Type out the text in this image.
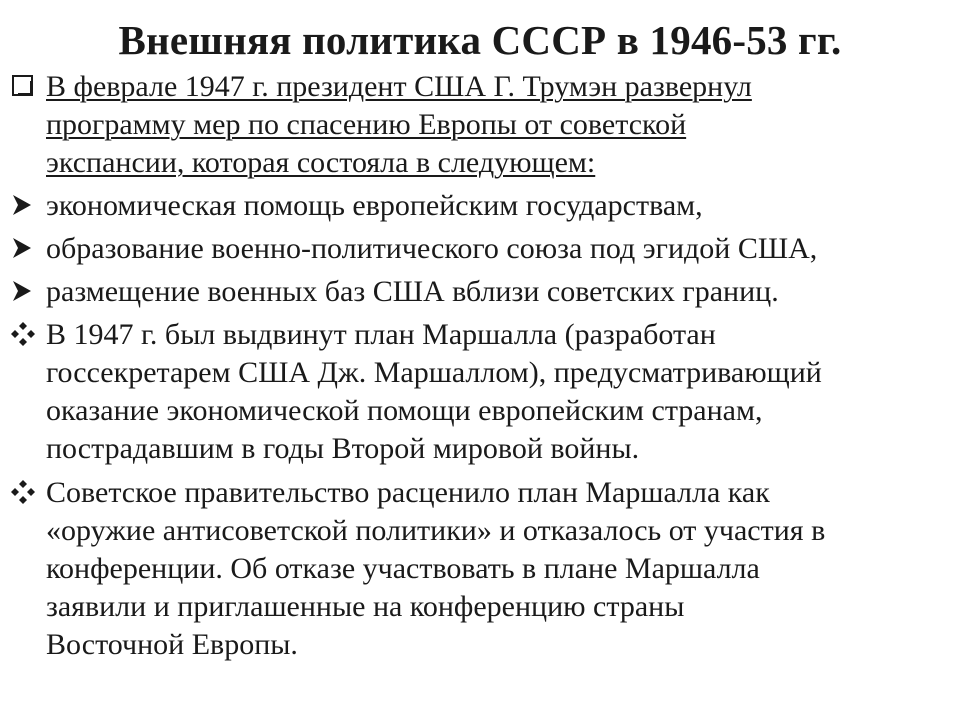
Внешняя политика СССР в 1946-53 гг.
В феврале 1947 г. президент США Г. Трумэн развернул
программу мер по спасению Европы от советской
экспансии, которая состояла в следующем:
экономическая помощь европейским государствам,
образование военно-политического союза под эгидой США,
размещение военных баз США вблизи советских границ.
В 1947 г. был выдвинут план Маршалла (разработан
госсекретарем США Дж. Маршаллом), предусматривающий
оказание экономической помощи европейским странам,
пострадавшим в годы Второй мировой войны.
Советское правительство расценило план Маршалла как
«оружие антисоветской политики» и отказалось от участия в
конференции. Об отказе участвовать в плане Маршалла
заявили и приглашенные на конференцию страны
Восточной Европы.
